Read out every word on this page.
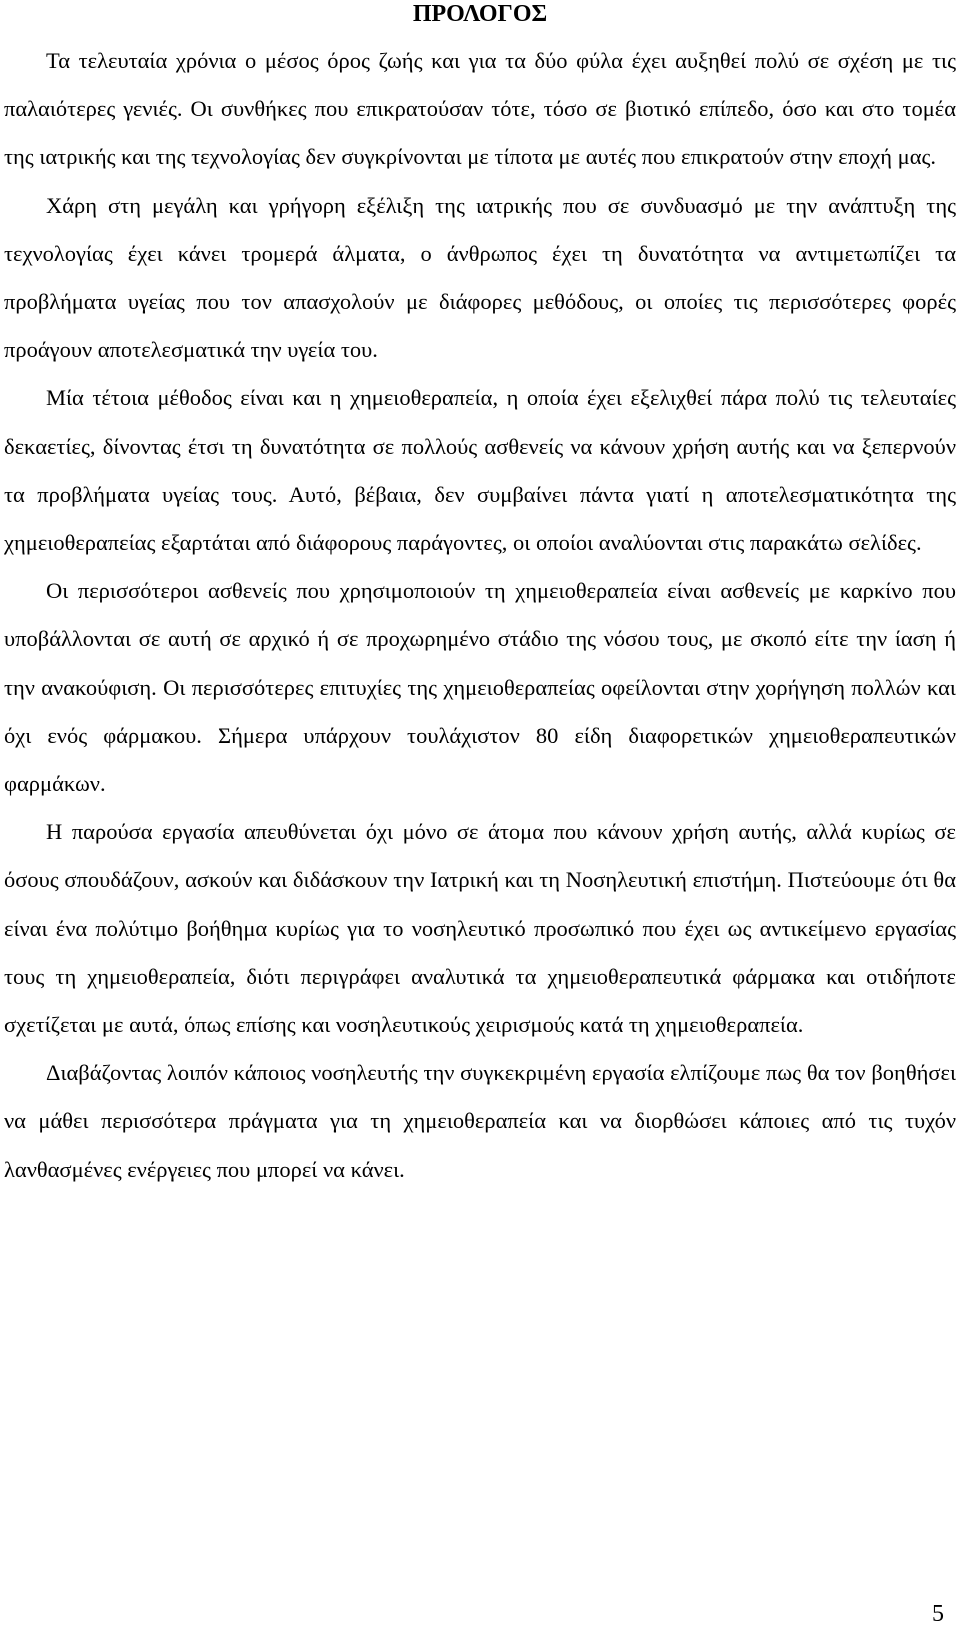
ΠΡΟΛΟΓΟΣ

Τα τελευταία χρόνια ο μέσος όρος ζωής και για τα δύο φύλα έχει αυξηθεί πολύ σε σχέση με τις παλαιότερες γενιές. Οι συνθήκες που επικρατούσαν τότε, τόσο σε βιοτικό επίπεδο, όσο και στο τομέα της ιατρικής και της τεχνολογίας δεν συγκρίνονται με τίποτα με αυτές που επικρατούν στην εποχή μας.

Χάρη στη μεγάλη και γρήγορη εξέλιξη της ιατρικής που σε συνδυασμό με την ανάπτυξη της τεχνολογίας έχει κάνει τρομερά άλματα, ο άνθρωπος έχει τη δυνατότητα να αντιμετωπίζει τα προβλήματα υγείας που τον απασχολούν με διάφορες μεθόδους, οι οποίες τις περισσότερες φορές προάγουν αποτελεσματικά την υγεία του.

Μία τέτοια μέθοδος είναι και η χημειοθεραπεία, η οποία έχει εξελιχθεί πάρα πολύ τις τελευταίες δεκαετίες, δίνοντας έτσι τη δυνατότητα σε πολλούς ασθενείς να κάνουν χρήση αυτής και να ξεπερνούν τα προβλήματα υγείας τους. Αυτό, βέβαια, δεν συμβαίνει πάντα γιατί η αποτελεσματικότητα της χημειοθεραπείας εξαρτάται από διάφορους παράγοντες, οι οποίοι αναλύονται στις παρακάτω σελίδες.

Οι περισσότεροι ασθενείς που χρησιμοποιούν τη χημειοθεραπεία είναι ασθενείς με καρκίνο που υποβάλλονται σε αυτή σε αρχικό ή σε προχωρημένο στάδιο της νόσου τους, με σκοπό είτε την ίαση ή την ανακούφιση. Οι περισσότερες επιτυχίες της χημειοθεραπείας οφείλονται στην χορήγηση πολλών και όχι ενός φάρμακου. Σήμερα υπάρχουν τουλάχιστον 80 είδη διαφορετικών χημειοθεραπευτικών φαρμάκων.

Η παρούσα εργασία απευθύνεται όχι μόνο σε άτομα που κάνουν χρήση αυτής, αλλά κυρίως σε όσους σπουδάζουν, ασκούν και διδάσκουν την Ιατρική και τη Νοσηλευτική επιστήμη. Πιστεύουμε ότι θα είναι ένα πολύτιμο βοήθημα κυρίως για το νοσηλευτικό προσωπικό που έχει ως αντικείμενο εργασίας τους τη χημειοθεραπεία, διότι περιγράφει αναλυτικά τα χημειοθεραπευτικά φάρμακα και οτιδήποτε σχετίζεται με αυτά, όπως επίσης και νοσηλευτικούς χειρισμούς κατά τη χημειοθεραπεία.

Διαβάζοντας λοιπόν κάποιος νοσηλευτής την συγκεκριμένη εργασία ελπίζουμε πως θα τον βοηθήσει να μάθει περισσότερα πράγματα για τη χημειοθεραπεία και να διορθώσει κάποιες από τις τυχόν λανθασμένες ενέργειες που μπορεί να κάνει.

5
